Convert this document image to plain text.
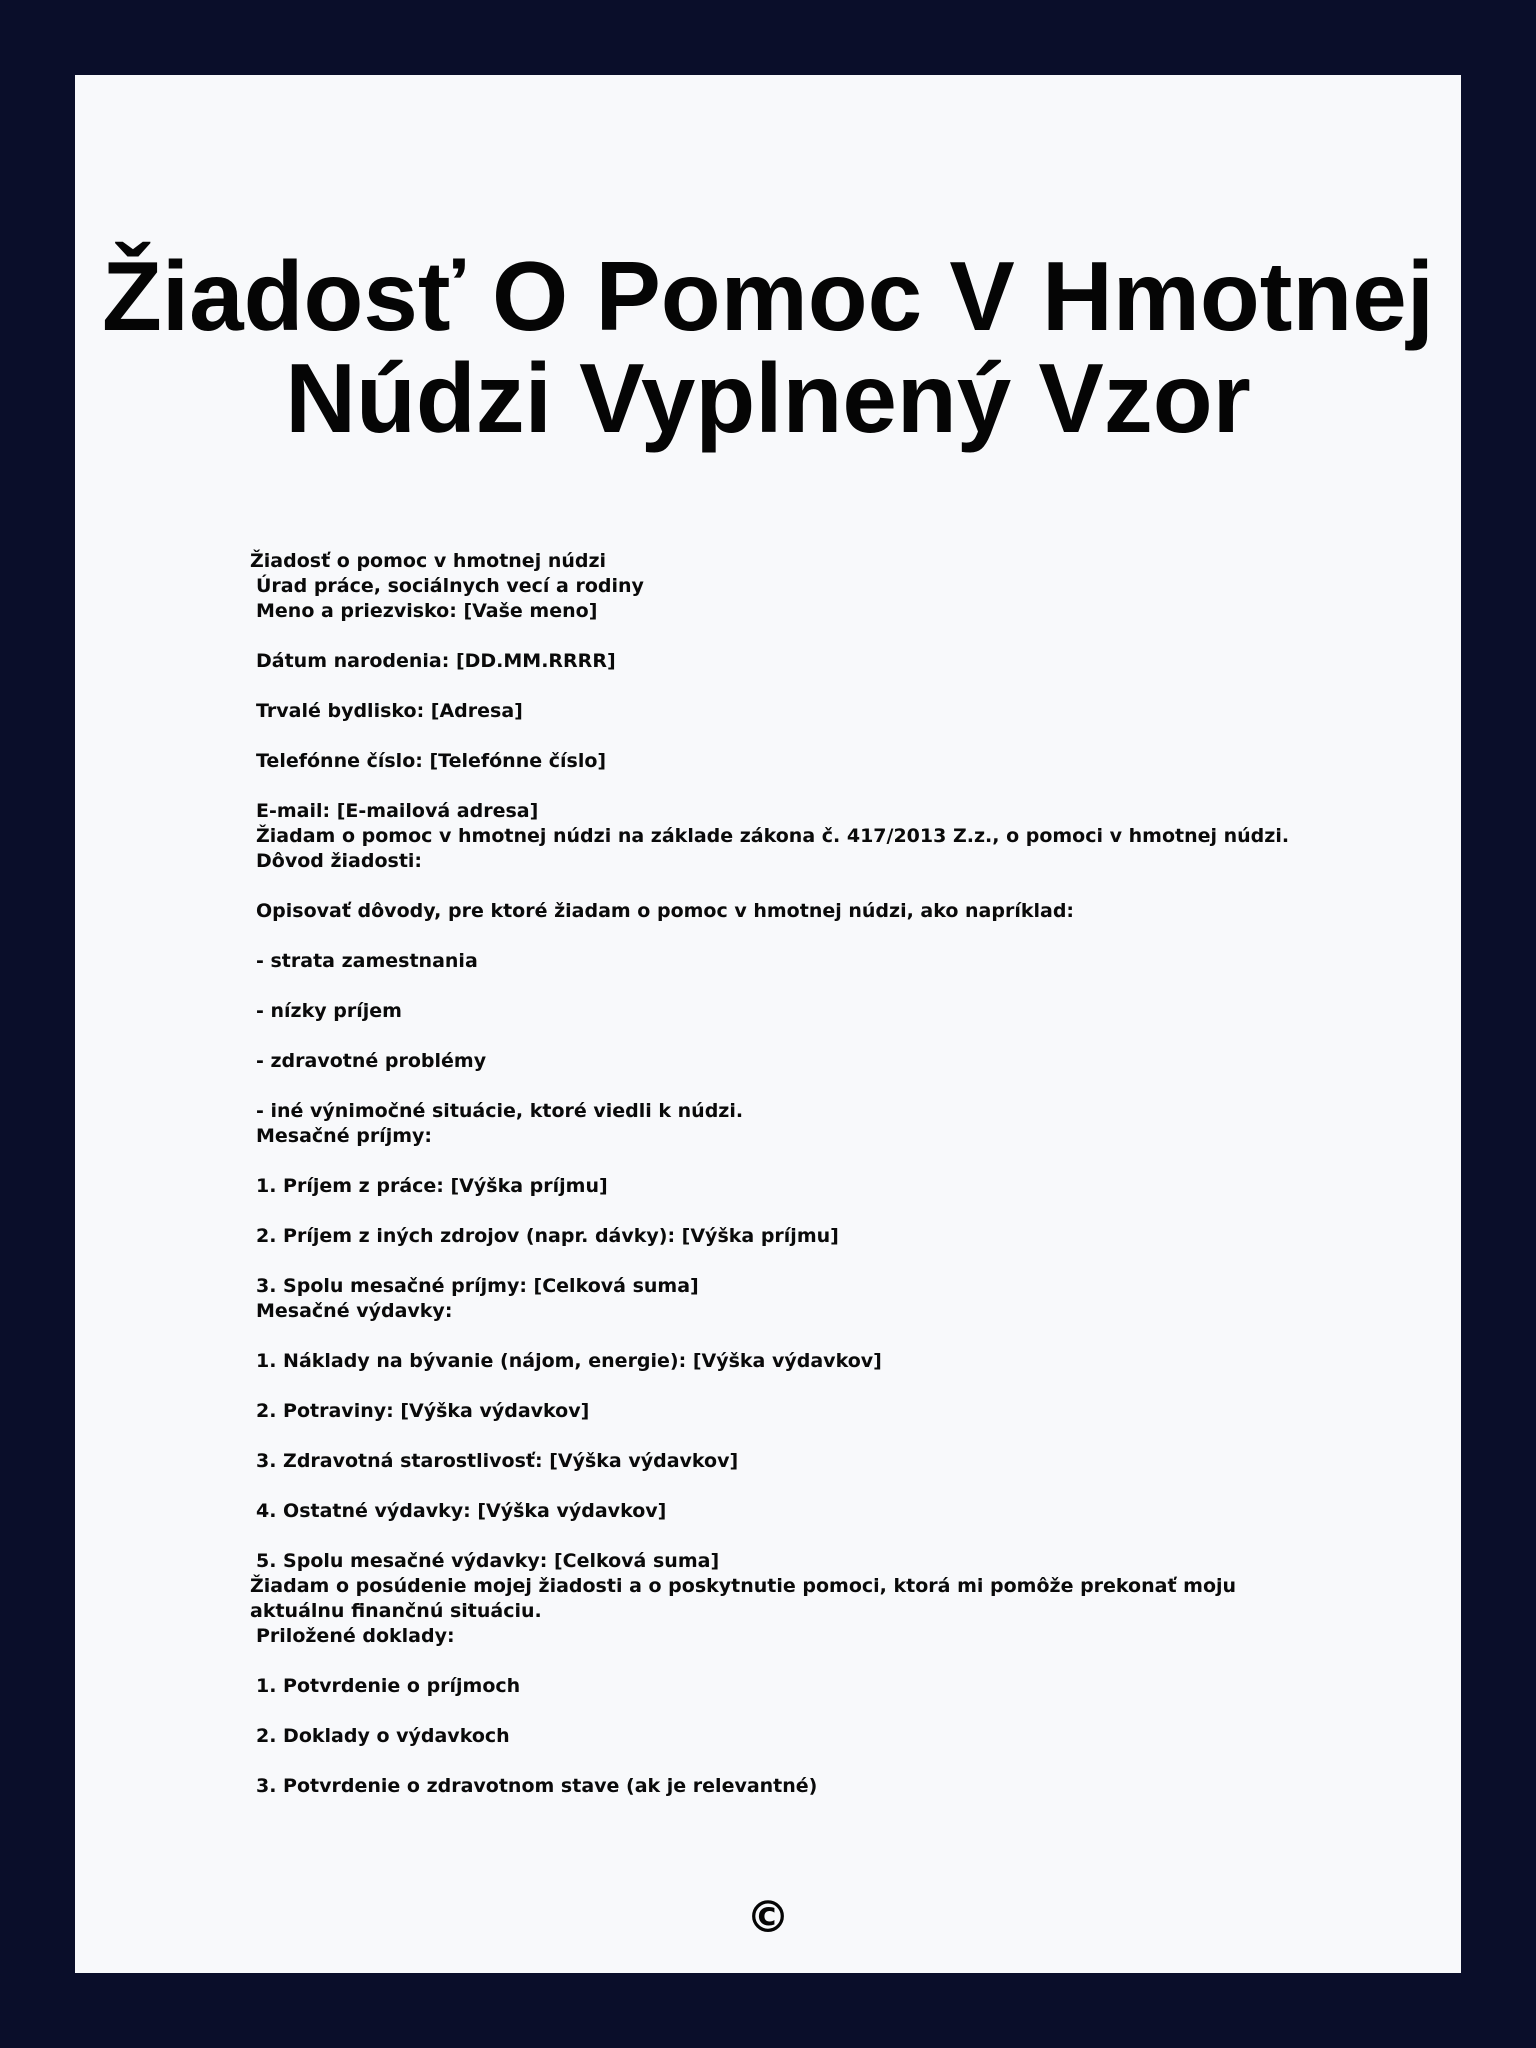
Žiadosť O Pomoc V Hmotnej
Núdzi Vyplnený Vzor
Žiadosť o pomoc v hmotnej núdzi
Úrad práce, sociálnych vecí a rodiny
Meno a priezvisko: [Vaše meno]
Dátum narodenia: [DD.MM.RRRR]
Trvalé bydlisko: [Adresa]
Telefónne číslo: [Telefónne číslo]
E-mail: [E-mailová adresa]
Žiadam o pomoc v hmotnej núdzi na základe zákona č. 417/2013 Z.z., o pomoci v hmotnej núdzi.
Dôvod žiadosti:
Opisovať dôvody, pre ktoré žiadam o pomoc v hmotnej núdzi, ako napríklad:
- strata zamestnania
- nízky príjem
- zdravotné problémy
- iné výnimočné situácie, ktoré viedli k núdzi.
Mesačné príjmy:
1. Príjem z práce: [Výška príjmu]
2. Príjem z iných zdrojov (napr. dávky): [Výška príjmu]
3. Spolu mesačné príjmy: [Celková suma]
Mesačné výdavky:
1. Náklady na bývanie (nájom, energie): [Výška výdavkov]
2. Potraviny: [Výška výdavkov]
3. Zdravotná starostlivosť: [Výška výdavkov]
4. Ostatné výdavky: [Výška výdavkov]
5. Spolu mesačné výdavky: [Celková suma]
Žiadam o posúdenie mojej žiadosti a o poskytnutie pomoci, ktorá mi pomôže prekonať moju aktuálnu finančnú situáciu.
Priložené doklady:
1. Potvrdenie o príjmoch
2. Doklady o výdavkoch
3. Potvrdenie o zdravotnom stave (ak je relevantné)
©
